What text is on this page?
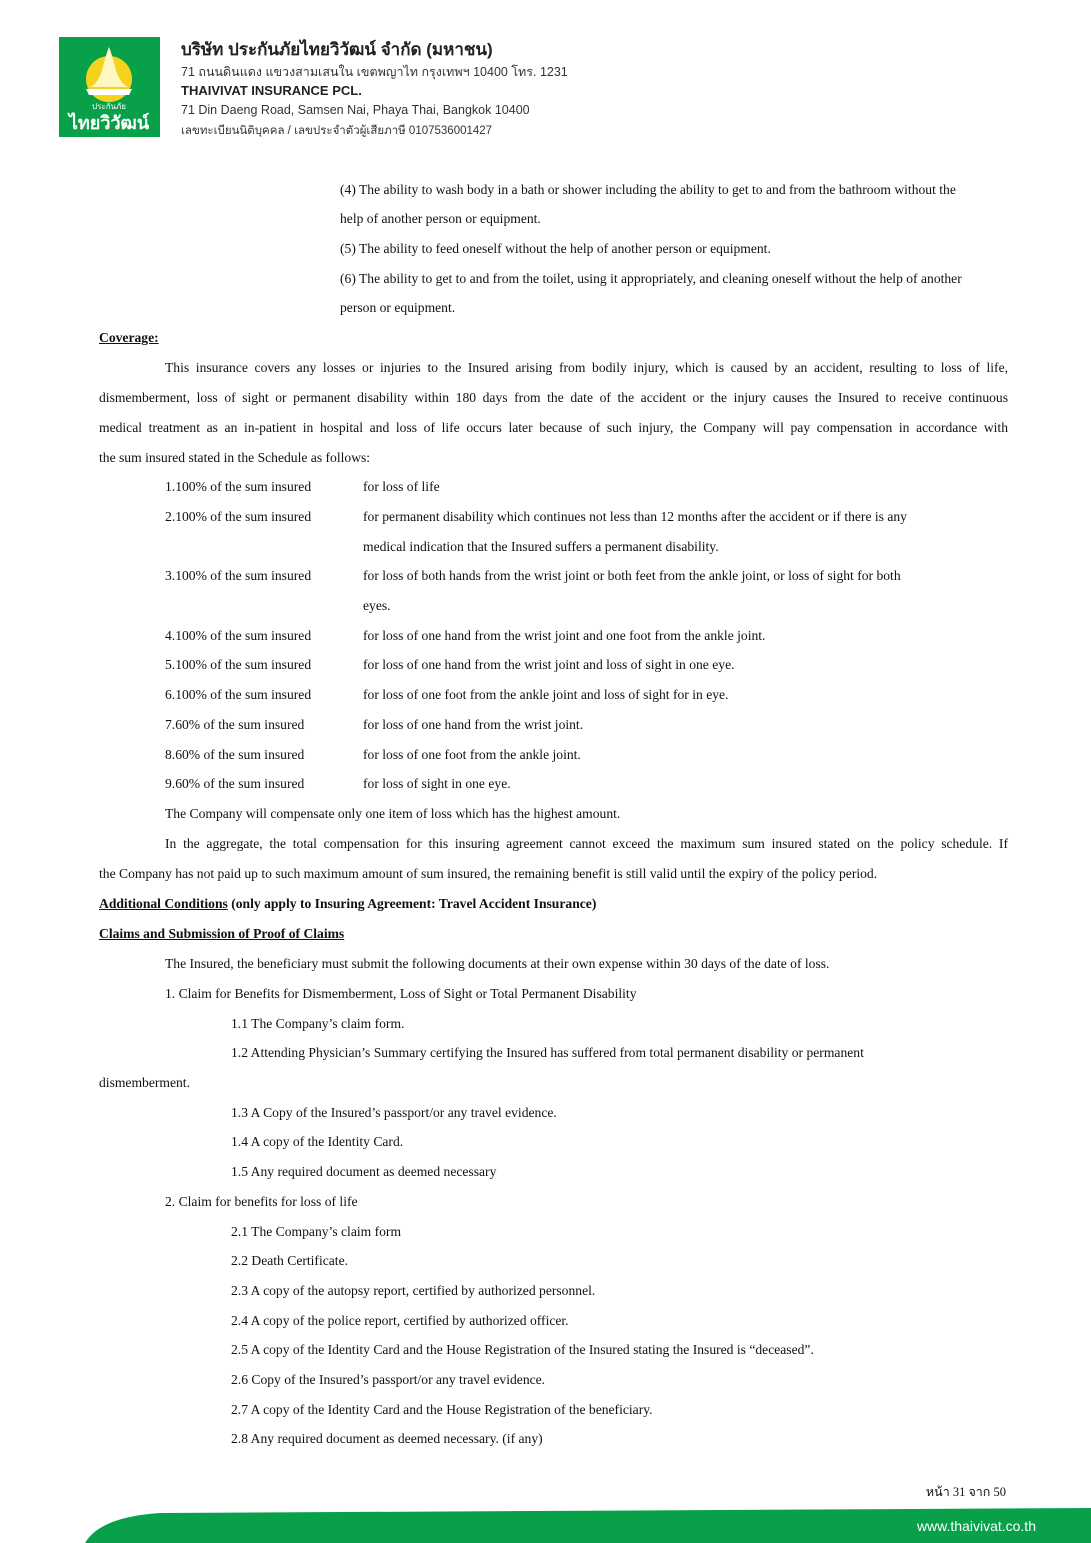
ประกันภัย
ไทยวิวัฒน์
บริษัท ประกันภัยไทยวิวัฒน์ จำกัด (มหาชน)
71 ถนนดินแดง แขวงสามเสนใน เขตพญาไท กรุงเทพฯ 10400 โทร. 1231
THAIVIVAT INSURANCE PCL.
71 Din Daeng Road, Samsen Nai, Phaya Thai, Bangkok 10400
เลขทะเบียนนิติบุคคล / เลขประจำตัวผู้เสียภาษี 0107536001427
(4) The ability to wash body in a bath or shower including the ability to get to and from the bathroom without the
help of another person or equipment.
(5) The ability to feed oneself without the help of another person or equipment.
(6) The ability to get to and from the toilet, using it appropriately, and cleaning oneself without the help of another
person or equipment.
Coverage:
This insurance covers any losses or injuries to the Insured arising from bodily injury, which is caused by an accident, resulting to loss of life,
dismemberment, loss of sight or permanent disability within 180 days from the date of the accident or the injury causes the Insured to receive continuous
medical treatment as an in-patient in hospital and loss of life occurs later because of such injury, the Company will pay compensation in accordance with
the sum insured stated in the Schedule as follows:
1.100% of the sum insured	for loss of life
2.100% of the sum insured	for permanent disability which continues not less than 12 months after the accident or if there is any
medical indication that the Insured suffers a permanent disability.
3.100% of the sum insured	for loss of both hands from the wrist joint or both feet from the ankle joint, or loss of sight for both
eyes.
4.100% of the sum insured	for loss of one hand from the wrist joint and one foot from the ankle joint.
5.100% of the sum insured	for loss of one hand from the wrist joint and loss of sight in one eye.
6.100% of the sum insured	for loss of one foot from the ankle joint and loss of sight for in eye.
7.60% of the sum insured	for loss of one hand from the wrist joint.
8.60% of the sum insured	for loss of one foot from the ankle joint.
9.60% of the sum insured	for loss of sight in one eye.
The Company will compensate only one item of loss which has the highest amount.
In the aggregate, the total compensation for this insuring agreement cannot exceed the maximum sum insured stated on the policy schedule. If
the Company has not paid up to such maximum amount of sum insured, the remaining benefit is still valid until the expiry of the policy period.
Additional Conditions (only apply to Insuring Agreement: Travel Accident Insurance)
Claims and Submission of Proof of Claims
The Insured, the beneficiary must submit the following documents at their own expense within 30 days of the date of loss.
1. Claim for Benefits for Dismemberment, Loss of Sight or Total Permanent Disability
1.1 The Company’s claim form.
1.2 Attending Physician’s Summary certifying the Insured has suffered from total permanent disability or permanent
dismemberment.
1.3 A Copy of the Insured’s passport/or any travel evidence.
1.4 A copy of the Identity Card.
1.5 Any required document as deemed necessary
2. Claim for benefits for loss of life
2.1 The Company’s claim form
2.2 Death Certificate.
2.3 A copy of the autopsy report, certified by authorized personnel.
2.4 A copy of the police report, certified by authorized officer.
2.5 A copy of the Identity Card and the House Registration of the Insured stating the Insured is “deceased”.
2.6 Copy of the Insured’s passport/or any travel evidence.
2.7 A copy of the Identity Card and the House Registration of the beneficiary.
2.8 Any required document as deemed necessary. (if any)
หน้า 31 จาก 50
www.thaivivat.co.th
